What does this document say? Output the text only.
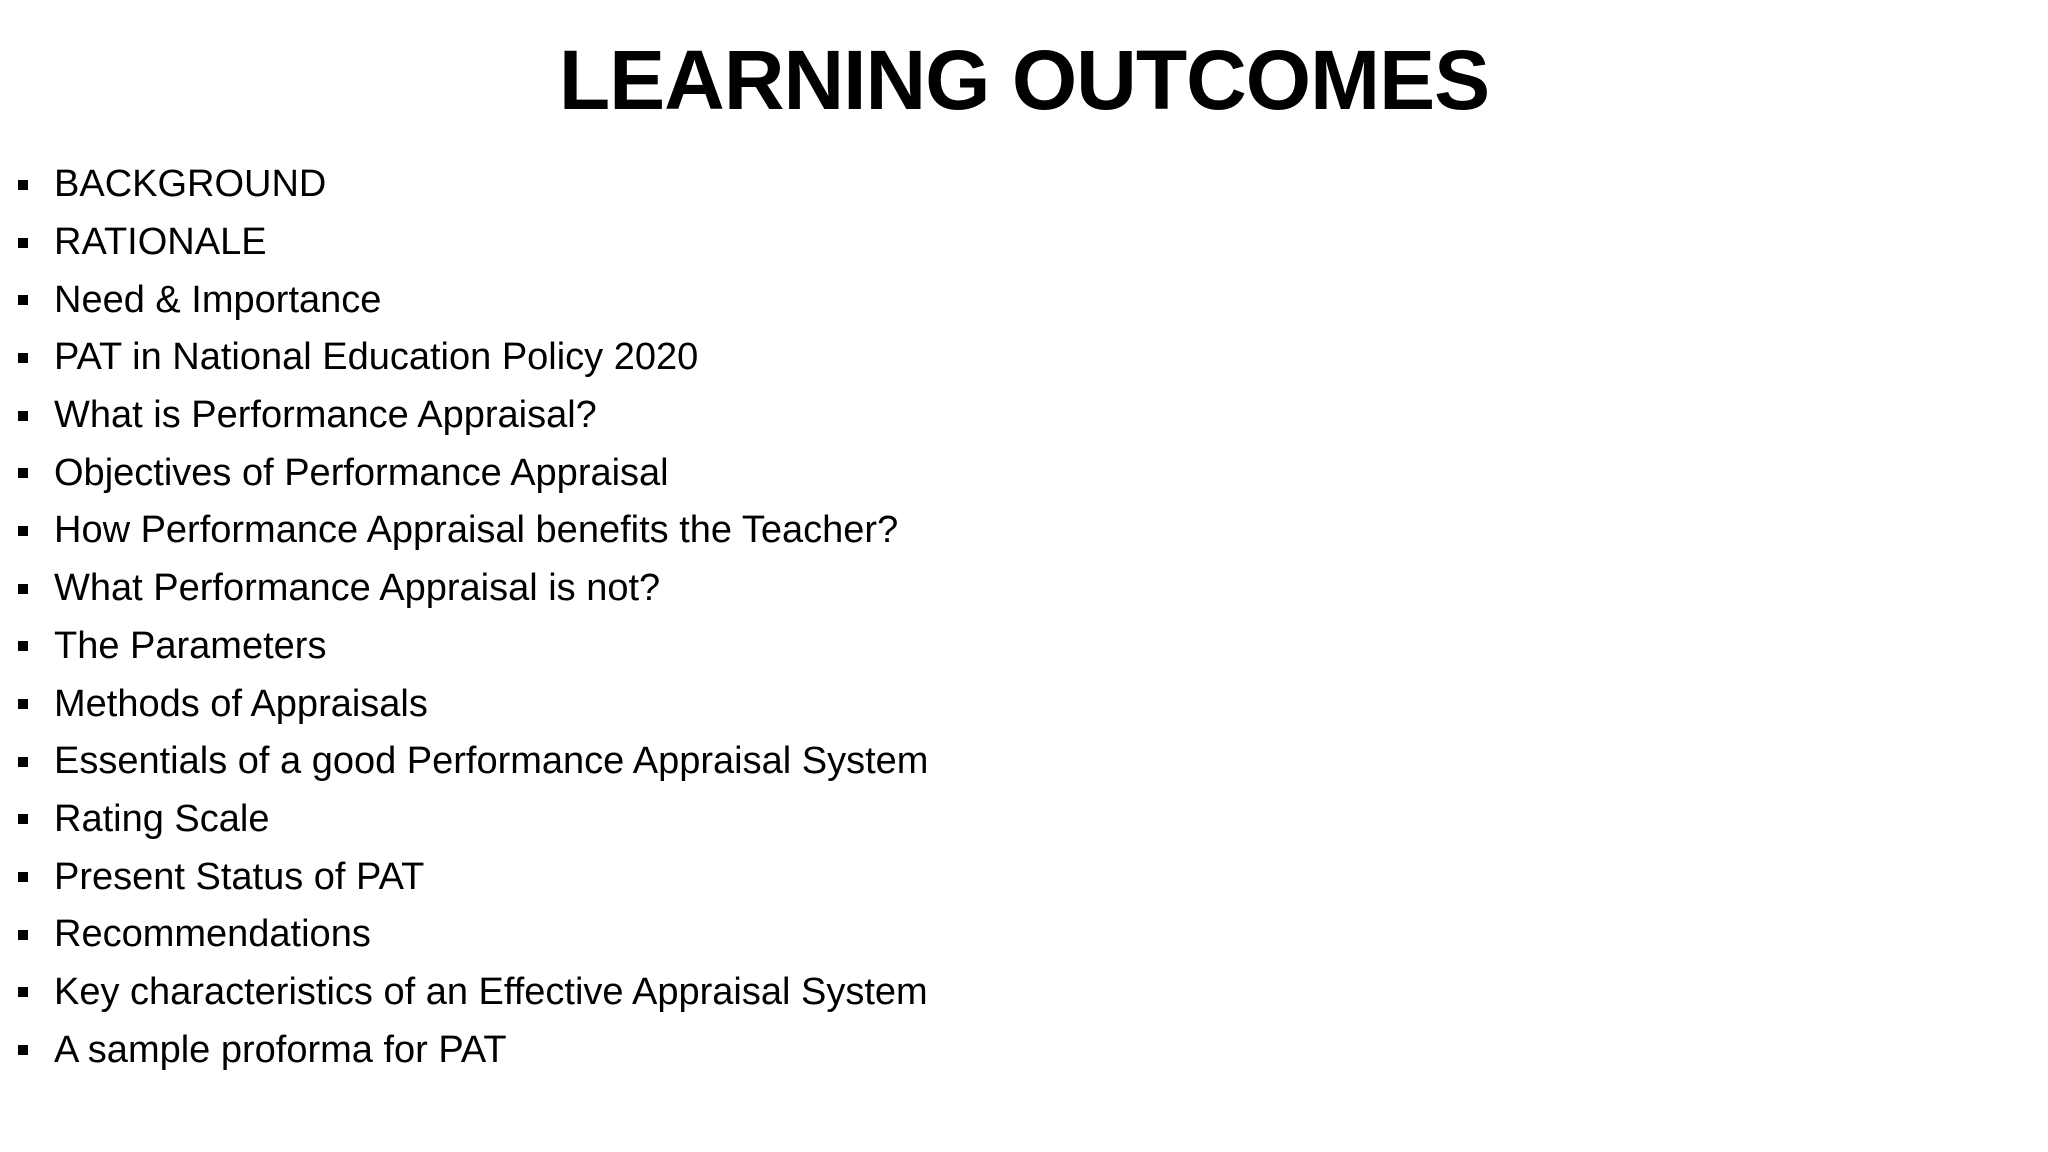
LEARNING OUTCOMES
BACKGROUND
RATIONALE
Need & Importance
PAT in National Education Policy 2020
What is Performance Appraisal?
Objectives of Performance Appraisal
How Performance Appraisal benefits the Teacher?
What Performance Appraisal is not?
The Parameters
Methods of Appraisals
Essentials of a good Performance Appraisal System
Rating Scale
Present Status of PAT
Recommendations
Key characteristics of an Effective Appraisal System
A sample proforma for PAT
